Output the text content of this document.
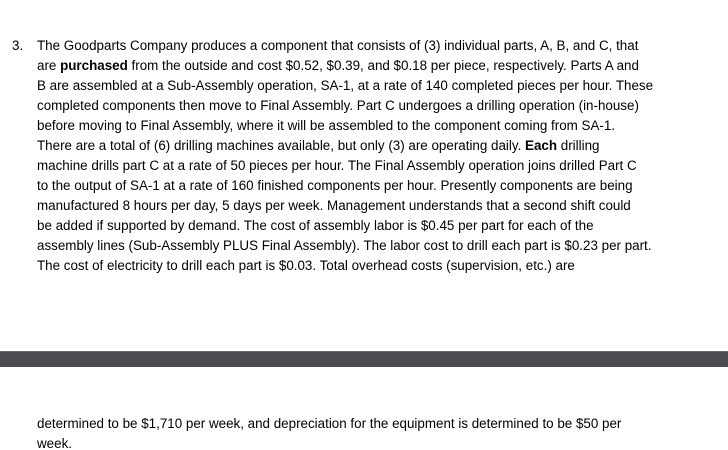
3. The Goodparts Company produces a component that consists of (3) individual parts, A, B, and C, that
are purchased from the outside and cost $0.52, $0.39, and $0.18 per piece, respectively. Parts A and
B are assembled at a Sub-Assembly operation, SA-1, at a rate of 140 completed pieces per hour. These
completed components then move to Final Assembly. Part C undergoes a drilling operation (in-house)
before moving to Final Assembly, where it will be assembled to the component coming from SA-1.
There are a total of (6) drilling machines available, but only (3) are operating daily. Each drilling
machine drills part C at a rate of 50 pieces per hour. The Final Assembly operation joins drilled Part C
to the output of SA-1 at a rate of 160 finished components per hour. Presently components are being
manufactured 8 hours per day, 5 days per week. Management understands that a second shift could
be added if supported by demand. The cost of assembly labor is $0.45 per part for each of the
assembly lines (Sub-Assembly PLUS Final Assembly). The labor cost to drill each part is $0.23 per part.
The cost of electricity to drill each part is $0.03. Total overhead costs (supervision, etc.) are
determined to be $1,710 per week, and depreciation for the equipment is determined to be $50 per
week.
